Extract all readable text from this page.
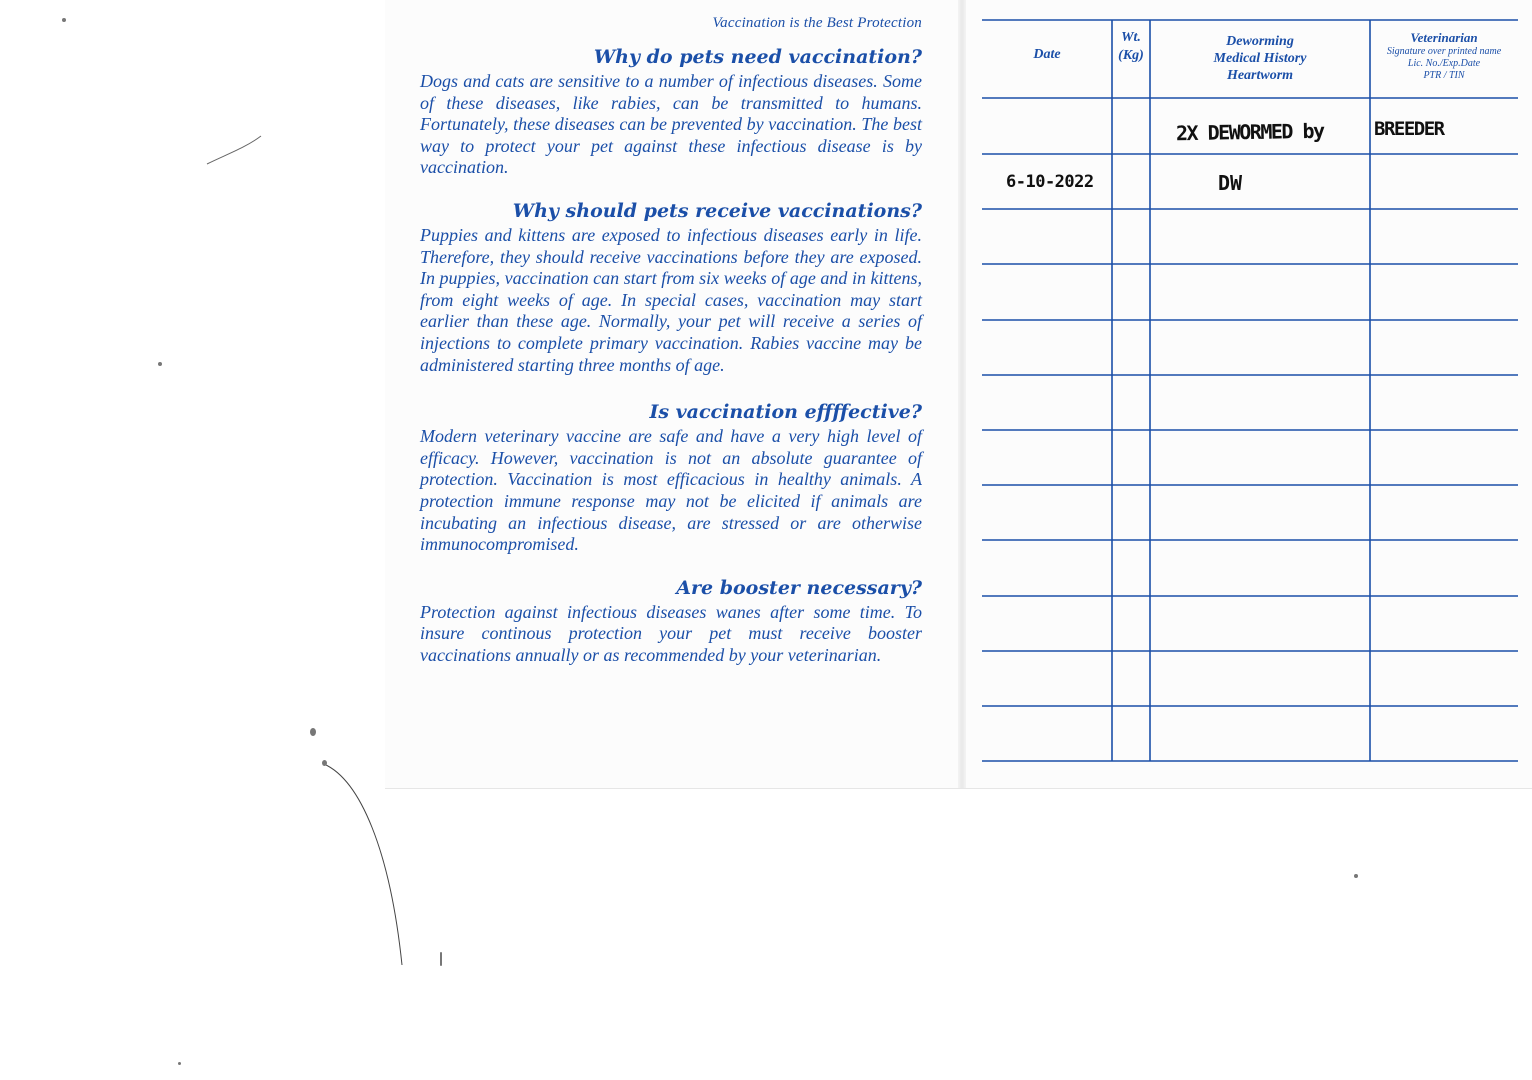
Vaccination is the Best Protection
Why do pets need vaccination?

Dogs and cats are sensitive to a number of infectious diseases. Some of these diseases, like rabies, can be transmitted to humans. Fortunately, these diseases can be prevented by vaccination. The best way to protect your pet against these infectious disease is by vaccination.

Why should pets receive vaccinations?

Puppies and kittens are exposed to infectious diseases early in life. Therefore, they should receive vaccinations before they are exposed. In puppies, vaccination can start from six weeks of age and in kittens, from eight weeks of age. In special cases, vaccination may start earlier than these age. Normally, your pet will receive a series of injections to complete primary vaccination. Rabies vaccine may be administered starting three months of age.

Is vaccination effffective?

Modern veterinary vaccine are safe and have a very high level of efficacy. However, vaccination is not an absolute guarantee of protection. Vaccination is most efficacious in healthy animals. A protection immune response may not be elicited if animals are incubating an infectious disease, are stressed or are otherwise immunocompromised.

Are booster necessary?

Protection against infectious diseases wanes after some time. To insure continous protection your pet must receive booster vaccinations annually or as recommended by your veterinarian.

Date
Wt.
(Kg)
Deworming
Medical History
Heartworm
Veterinarian
Signature over printed name
Lic. No./Exp.Date
PTR / TIN
2X DEWORMED by	BREEDER
6-10-2022	DW
